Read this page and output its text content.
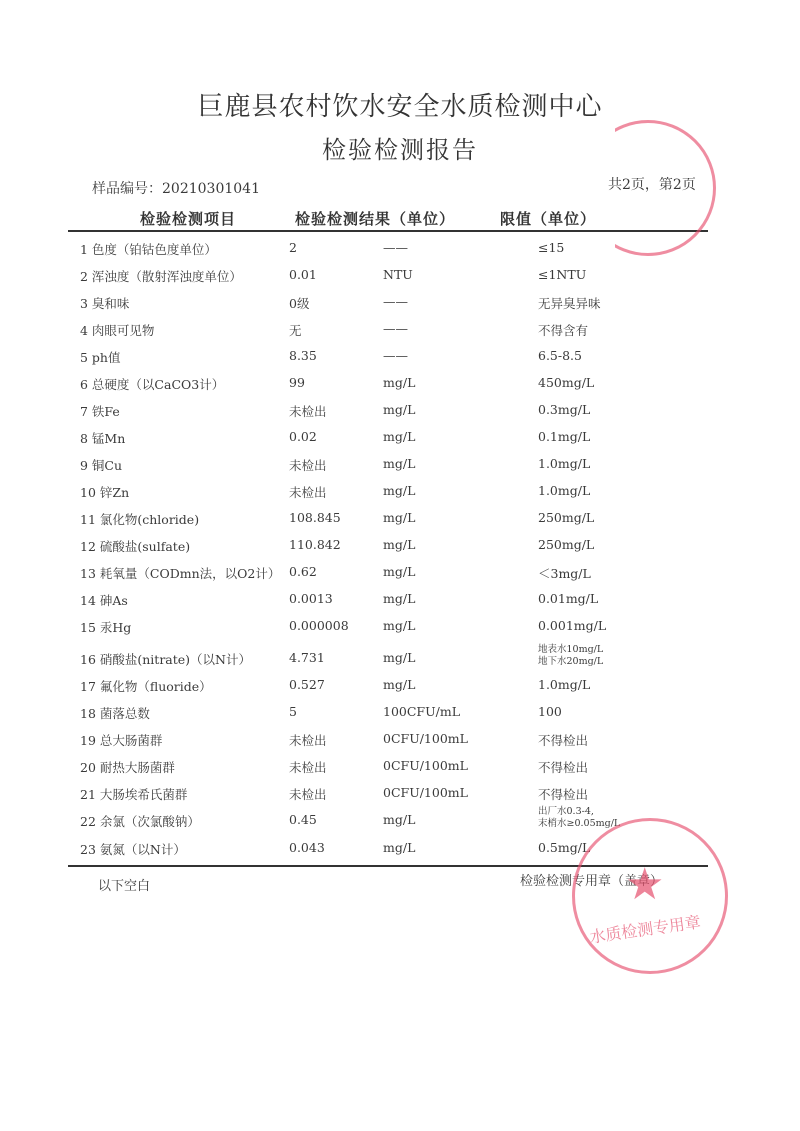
巨鹿县农村饮水安全水质检测中心
检验检测报告
样品编号：20210301041	共2页，第2页
检验检测项目	检验检测结果（单位）	限值（单位）
1 色度（铂钴色度单位）	2	——	≤15
2 浑浊度（散射浑浊度单位）	0.01	NTU	≤1NTU
3 臭和味	0级	——	无异臭异味
4 肉眼可见物	无	——	不得含有
5 ph值	8.35	——	6.5-8.5
6 总硬度（以CaCO3计）	99	mg/L	450mg/L
7 铁Fe	未检出	mg/L	0.3mg/L
8 锰Mn	0.02	mg/L	0.1mg/L
9 铜Cu	未检出	mg/L	1.0mg/L
10 锌Zn	未检出	mg/L	1.0mg/L
11 氯化物(chloride)	108.845	mg/L	250mg/L
12 硫酸盐(sulfate)	110.842	mg/L	250mg/L
13 耗氧量（CODmn法，以O2计） 0.62	mg/L	＜3mg/L
14 砷As	0.0013	mg/L	0.01mg/L
15 汞Hg	0.000008	mg/L	0.001mg/L
16 硝酸盐(nitrate)（以N计）	4.731	mg/L
地表水10mg/L
地下水20mg/L
17 氟化物（fluoride）	0.527	mg/L	1.0mg/L
18 菌落总数	5	100CFU/mL	100
19 总大肠菌群	未检出	0CFU/100mL	不得检出
20 耐热大肠菌群	未检出	0CFU/100mL	不得检出
21 大肠埃希氏菌群	未检出	0CFU/100mL	不得检出
22 余氯（次氯酸钠）	0.45	mg/L
出厂水0.3-4,
末梢水≥0.05mg/L
23 氨氮（以N计）	0.043	mg/L	0.5mg/L
以下空白	检验检测专用章（盖章）
★
水质检测专用章
